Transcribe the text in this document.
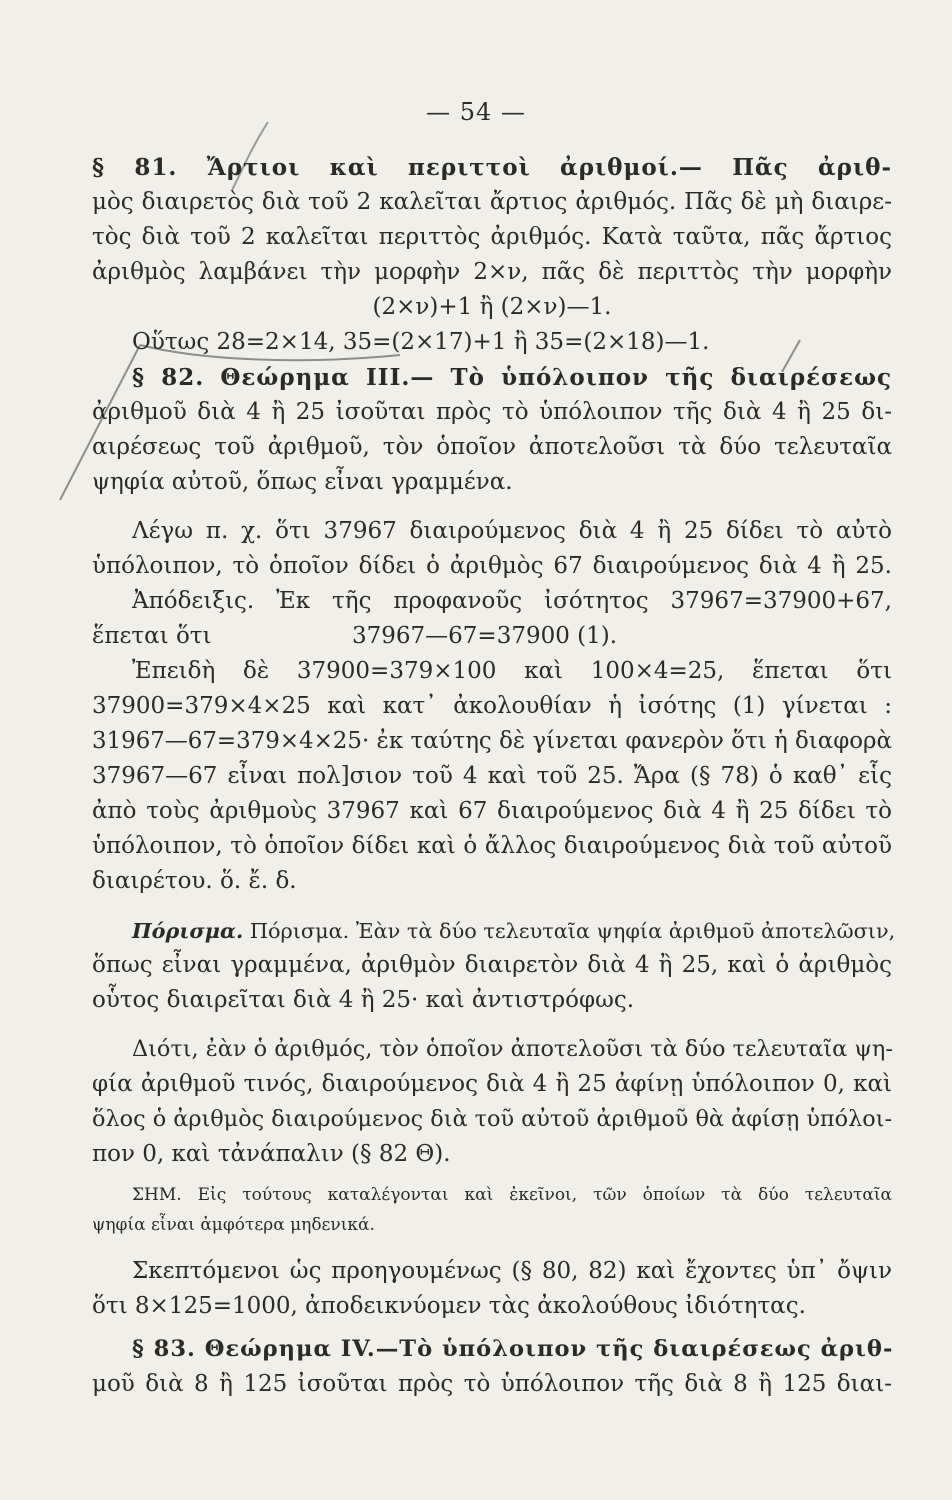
— 54 —
§ 81. Ἄρτιοι καὶ περιττοὶ ἀριθμοί.— Πᾶς ἀριθ-
μὸς διαιρετὸς διὰ τοῦ 2 καλεῖται ἄρτιος ἀριθμός. Πᾶς δὲ μὴ διαιρε-
τὸς διὰ τοῦ 2 καλεῖται περιττὸς ἀριθμός. Κατὰ ταῦτα, πᾶς ἄρτιος
ἀριθμὸς λαμβάνει τὴν μορφὴν 2×ν, πᾶς δὲ περιττὸς τὴν μορφὴν
(2×ν)+1 ἢ (2×ν)—1.
Οὕτως 28=2×14, 35=(2×17)+1 ἢ 35=(2×18)—1.
§ 82. Θεώρημα III.— Τὸ ὑπόλοιπον τῆς διαιρέσεως
ἀριθμοῦ διὰ 4 ἢ 25 ἰσοῦται πρὸς τὸ ὑπόλοιπον τῆς διὰ 4 ἢ 25 δι-
αιρέσεως τοῦ ἀριθμοῦ, τὸν ὁποῖον ἀποτελοῦσι τὰ δύο τελευταῖα
ψηφία αὐτοῦ, ὅπως εἶναι γραμμένα.
Λέγω π. χ. ὅτι 37967 διαιρούμενος διὰ 4 ἢ 25 δίδει τὸ αὐτὸ
ὑπόλοιπον, τὸ ὁποῖον δίδει ὁ ἀριθμὸς 67 διαιρούμενος διὰ 4 ἢ 25.
Ἀπόδειξις. Ἐκ τῆς προφανοῦς ἰσότητος 37967=37900+67,
ἕπεται ὅτι	37967—67=37900 (1).
Ἐπειδὴ δὲ 37900=379×100 καὶ 100×4=25, ἕπεται ὅτι
37900=379×4×25 καὶ κατ᾽ ἀκολουθίαν ἡ ἰσότης (1) γίνεται :
31967—67=379×4×25· ἐκ ταύτης δὲ γίνεται φανερὸν ὅτι ἡ διαφορὰ
37967—67 εἶναι πολ]σιον τοῦ 4 καὶ τοῦ 25. Ἄρα (§ 78) ὁ καθ᾽ εἷς
ἀπὸ τοὺς ἀριθμοὺς 37967 καὶ 67 διαιρούμενος διὰ 4 ἢ 25 δίδει τὸ
ὑπόλοιπον, τὸ ὁποῖον δίδει καὶ ὁ ἄλλος διαιρούμενος διὰ τοῦ αὐτοῦ
διαιρέτου. ὅ. ἔ. δ.
Πόρισμα. Πόρισμα. Ἐὰν τὰ δύο τελευταῖα ψηφία ἀριθμοῦ ἀποτελῶσιν,
ὅπως εἶναι γραμμένα, ἀριθμὸν διαιρετὸν διὰ 4 ἢ 25, καὶ ὁ ἀριθμὸς
οὗτος διαιρεῖται διὰ 4 ἢ 25· καὶ ἀντιστρόφως.
Διότι, ἐὰν ὁ ἀριθμός, τὸν ὁποῖον ἀποτελοῦσι τὰ δύο τελευταῖα ψη-
φία ἀριθμοῦ τινός, διαιρούμενος διὰ 4 ἢ 25 ἀφίνῃ ὑπόλοιπον 0, καὶ
ὅλος ὁ ἀριθμὸς διαιρούμενος διὰ τοῦ αὐτοῦ ἀριθμοῦ θὰ ἀφίσῃ ὑπόλοι-
πον 0, καὶ τἀνάπαλιν (§ 82 Θ).
ΣΗΜ. Εἰς τούτους καταλέγονται καὶ ἐκεῖνοι, τῶν ὁποίων τὰ δύο τελευταῖα
ψηφία εἶναι ἀμφότερα μηδενικά.
Σκεπτόμενοι ὡς προηγουμένως (§ 80, 82) καὶ ἔχοντες ὑπ᾽ ὄψιν
ὅτι 8×125=1000, ἀποδεικνύομεν τὰς ἀκολούθους ἰδιότητας.
§ 83. Θεώρημα IV.—Τὸ ὑπόλοιπον τῆς διαιρέσεως ἀριθ-
μοῦ διὰ 8 ἢ 125 ἰσοῦται πρὸς τὸ ὑπόλοιπον τῆς διὰ 8 ἢ 125 διαι-
